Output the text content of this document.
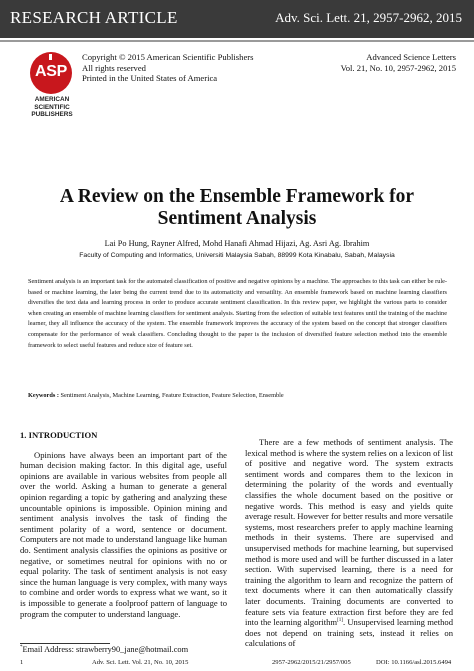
RESEARCH ARTICLE	Adv. Sci. Lett. 21, 2957-2962, 2015
ASP
AMERICAN
SCIENTIFIC
PUBLISHERS
Copyright © 2015 American Scientific Publishers
All rights reserved
Printed in the United States of America
Advanced Science Letters
Vol. 21, No. 10, 2957-2962, 2015
A Review on the Ensemble Framework for
Sentiment Analysis
Lai Po Hung, Rayner Alfred, Mohd Hanafi Ahmad Hijazi, Ag. Asri Ag. Ibrahim
Faculty of Computing and Informatics, Universiti Malaysia Sabah, 88999 Kota Kinabalu, Sabah, Malaysia
Sentiment analysis is an important task for the automated classification of positive and negative opinions by a machine. The approaches to this task can either be rule-based or machine learning, the later being the current trend due to its automaticity and versatility. An ensemble framework based on machine learning classifiers diversifies the text data and learning process in order to produce accurate sentiment classification. In this review paper, we highlight the various parts to consider when creating an ensemble of machine learning classifiers for sentiment analysis. Starting from the selection of suitable text features until the training of the machine learner, they all influence the accuracy of the system. The ensemble framework improves the accuracy of the system based on the concept that stronger classifiers compensate for the performance of weak classifiers. Concluding thought to the paper is the inclusion of diversified feature selection method into the ensemble framework to select useful features and reduce size of feature set.
Keywords : Sentiment Analysis, Machine Learning, Feature Extraction, Feature Selection, Ensemble
1. INTRODUCTION

Opinions have always been an important part of the human decision making factor. In this digital age, useful opinions are available in various websites from people all over the world. Asking a human to generate a general opinion regarding a topic by gathering and analyzing these uncountable opinions is impossible. Opinion mining and sentiment analysis involves the task of finding the sentiment polarity of a word, sentence or document. Computers are not made to understand language like human do. Sentiment analysis classifies the opinions as positive or negative, or sometimes neutral for opinions with no or equal polarity. The task of sentiment analysis is not easy since the human language is very complex, with many ways to combine and order words to express what we want, so it is impossible to generate a foolproof pattern of language to program the computer to understand language.

There are a few methods of sentiment analysis. The lexical method is where the system relies on a lexicon of list of positive and negative word. The system extracts sentiment words and compares them to the lexicon in determining the polarity of the words and eventually classifies the whole document based on the positive or negative words. This method is easy and yields quite average result. However for better results and more versatile systems, most researchers prefer to apply machine learning methods in their systems. There are supervised and unsupervised methods for machine learning, but supervised method is more used and will be further discussed in a later section. With supervised learning, there is a need for training the algorithm to learn and recognize the pattern of text documents where it can then automatically classify later documents. Training documents are converted to feature sets via feature extraction first before they are fed into the learning algorithm[1]. Unsupervised learning method does not depend on training sets, instead it relies on calculations of

*Email Address: strawberry90_jane@hotmail.com
1	Adv. Sci. Lett. Vol. 21, No. 10, 2015	2957-2962/2015/21/2957/005	DOI: 10.1166/asl.2015.6494
